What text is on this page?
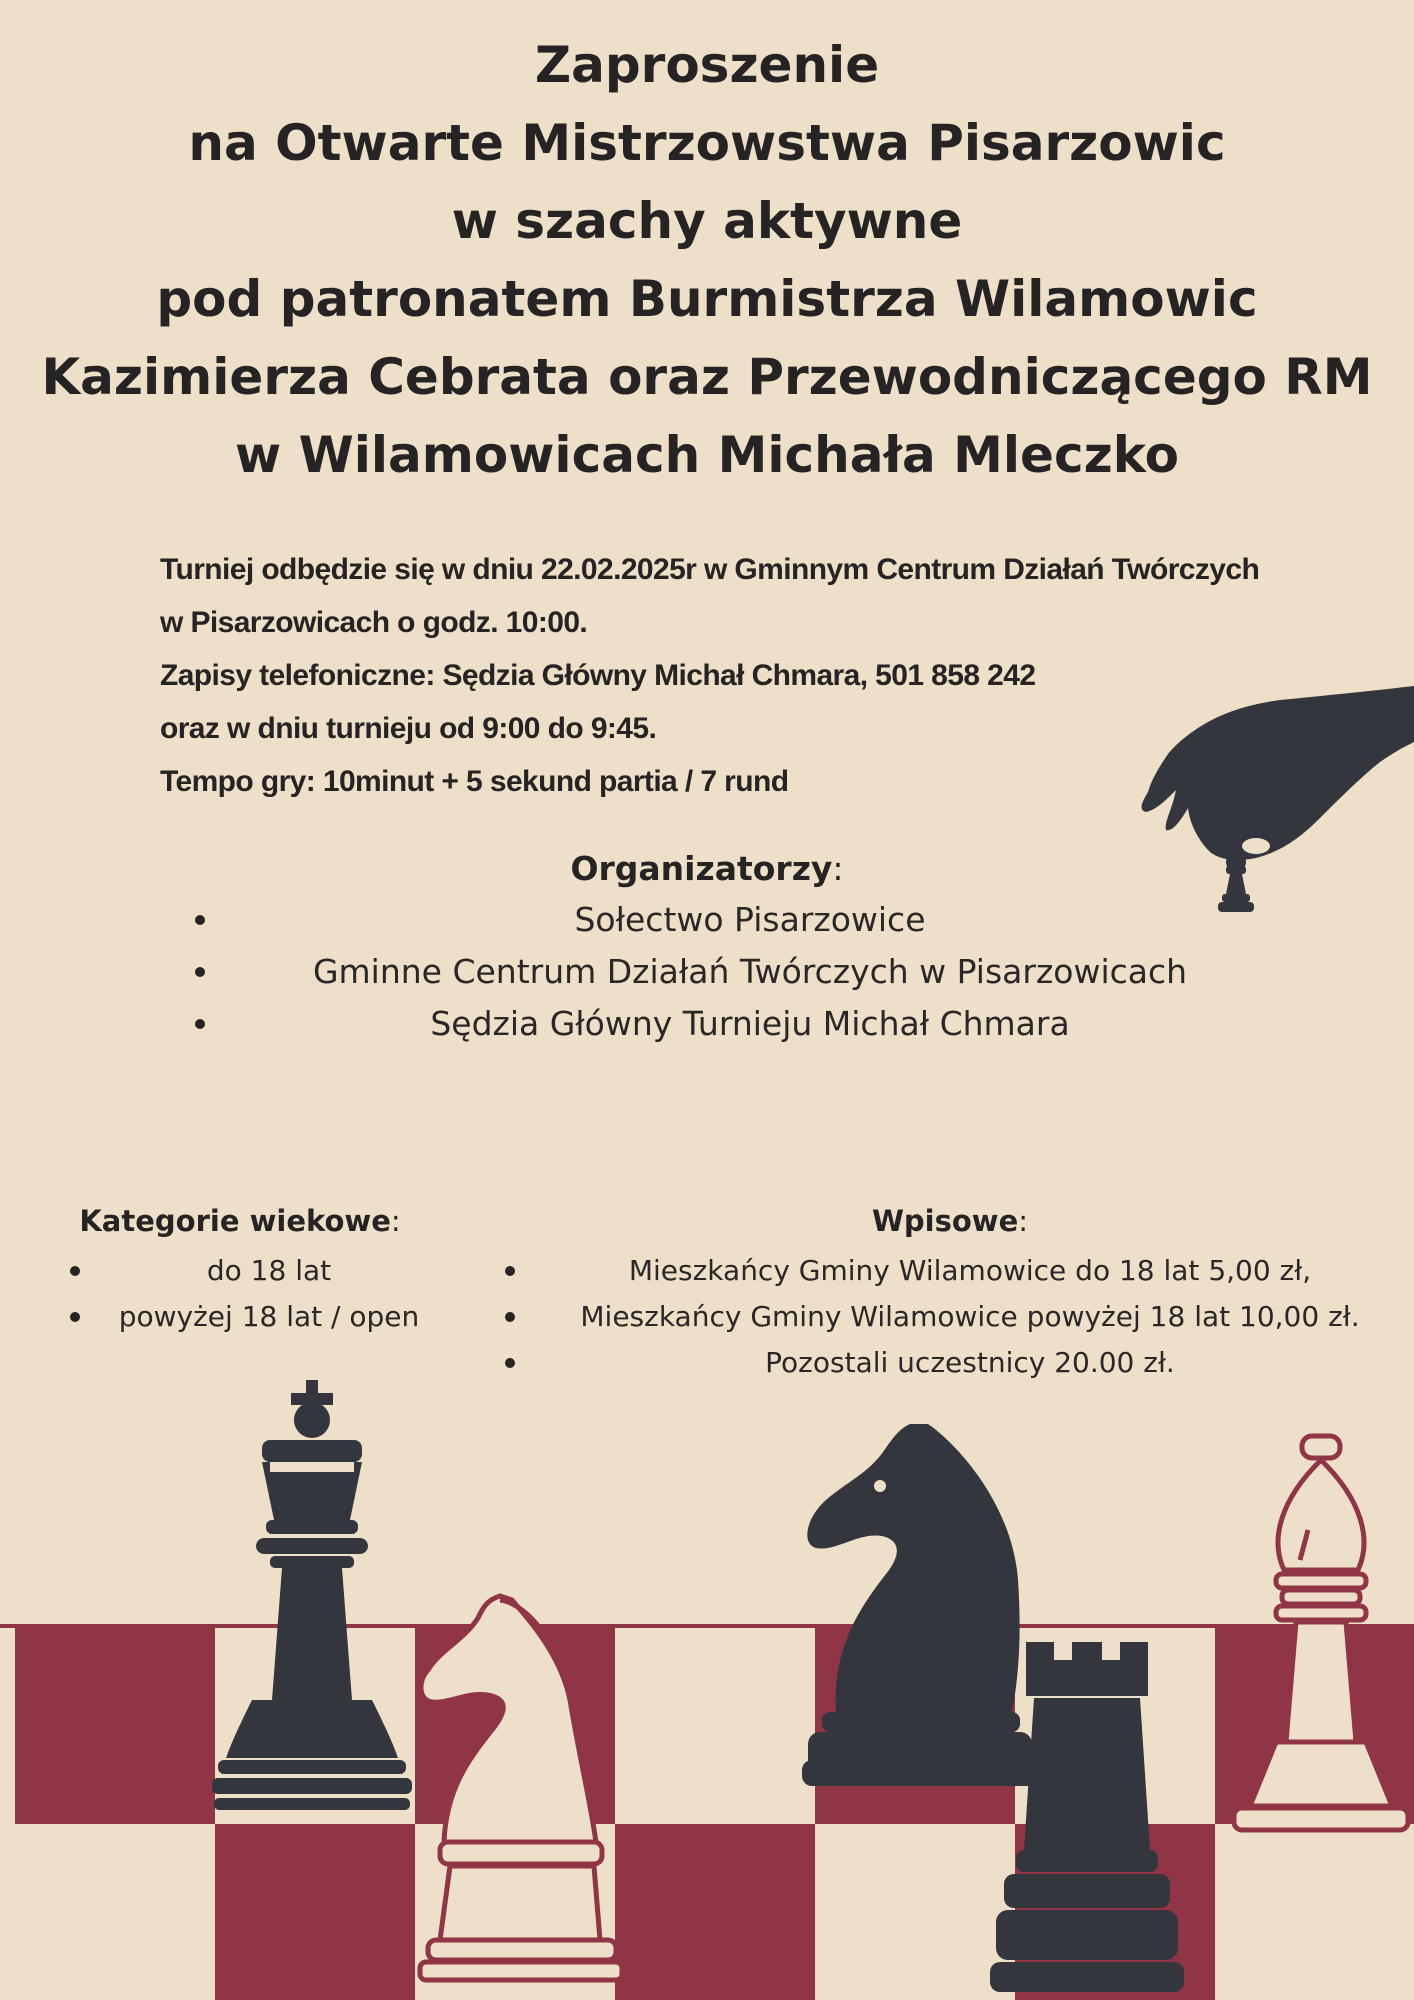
Zaproszenie
na Otwarte Mistrzowstwa Pisarzowic
w szachy aktywne
pod patronatem Burmistrza Wilamowic
Kazimierza Cebrata oraz Przewodniczącego RM
w Wilamowicach Michała Mleczko
Turniej odbędzie się w dniu 22.02.2025r w Gminnym Centrum Działań Twórczych
w Pisarzowicach o godz. 10:00.
Zapisy telefoniczne: Sędzia Główny Michał Chmara, 501 858 242
oraz w dniu turnieju od 9:00 do 9:45.
Tempo gry: 10minut + 5 sekund partia / 7 rund
Organizatorzy:
Sołectwo Pisarzowice
Gminne Centrum Działań Twórczych w Pisarzowicach
Sędzia Główny Turnieju Michał Chmara
Kategorie wiekowe:
do 18 lat
powyżej 18 lat / open
Wpisowe:
Mieszkańcy Gminy Wilamowice do 18 lat 5,00 zł,
Mieszkańcy Gminy Wilamowice powyżej 18 lat 10,00 zł.
Pozostali uczestnicy 20.00 zł.
